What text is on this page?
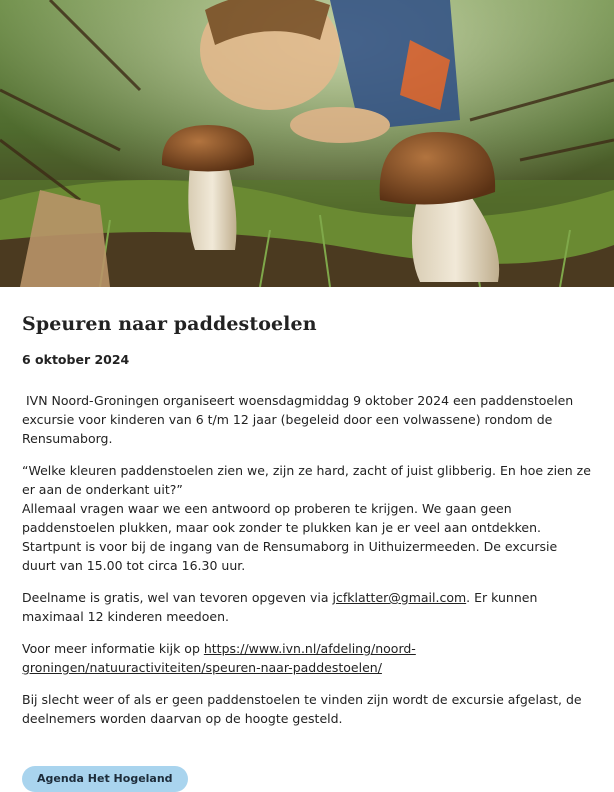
Speuren naar paddestoelen

6 oktober 2024

IVN Noord-Groningen organiseert woensdagmiddag 9 oktober 2024 een paddenstoelen excursie voor kinderen van 6 t/m 12 jaar (begeleid door een volwassene) rondom de Rensumaborg.

“Welke kleuren paddenstoelen zien we, zijn ze hard, zacht of juist glibberig. En hoe zien ze er aan de onderkant uit?”
Allemaal vragen waar we een antwoord op proberen te krijgen. We gaan geen paddenstoelen plukken, maar ook zonder te plukken kan je er veel aan ontdekken.
Startpunt is voor bij de ingang van de Rensumaborg in Uithuizermeeden. De excursie duurt van 15.00 tot circa 16.30 uur.

Deelname is gratis, wel van tevoren opgeven via jcfklatter@gmail.com. Er kunnen maximaal 12 kinderen meedoen.

Voor meer informatie kijk op https://www.ivn.nl/afdeling/noord-groningen/natuuractiviteiten/speuren-naar-paddestoelen/

Bij slecht weer of als er geen paddenstoelen te vinden zijn wordt de excursie afgelast, de deelnemers worden daarvan op de hoogte gesteld.

Agenda Het Hogeland
